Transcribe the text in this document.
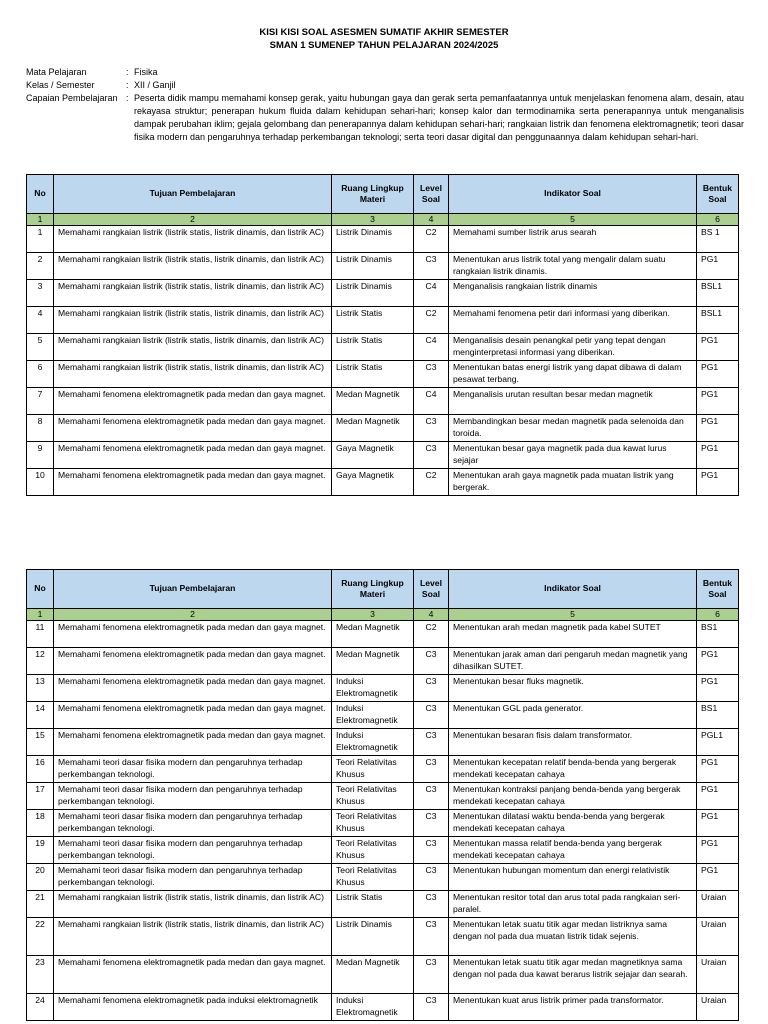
KISI KISI SOAL ASESMEN SUMATIF AKHIR SEMESTER
SMAN 1 SUMENEP TAHUN PELAJARAN 2024/2025
Mata Pelajaran	: Fisika
Kelas / Semester	: XII / Ganjil
Capaian Pembelajaran : Peserta didik mampu memahami konsep gerak, yaitu hubungan gaya dan gerak serta pemanfaatannya untuk menjelaskan fenomena alam, desain, atau rekayasa struktur; penerapan hukum fluida dalam kehidupan sehari-hari; konsep kalor dan termodinamika serta penerapannya untuk menganalisis dampak perubahan iklim; gejala gelombang dan penerapannya dalam kehidupan sehari-hari; rangkaian listrik dan fenomena elektromagnetik; teori dasar fisika modern dan pengaruhnya terhadap perkembangan teknologi; serta teori dasar digital dan penggunaannya dalam kehidupan sehari-hari.
No	Tujuan Pembelajaran	Ruang Lingkup Materi	Level Soal	Indikator Soal	Bentuk Soal
1	2	3	4	5	6
1	Memahami rangkaian listrik (listrik statis, listrik dinamis, dan listrik AC)	Listrik Dinamis	C2	Memahami sumber listrik arus searah	BS 1
2	Memahami rangkaian listrik (listrik statis, listrik dinamis, dan listrik AC)	Listrik Dinamis	C3	Menentukan arus listrik total yang mengalir dalam suatu rangkaian listrik dinamis.	PG1
3	Memahami rangkaian listrik (listrik statis, listrik dinamis, dan listrik AC)	Listrik Dinamis	C4	Menganalisis rangkaian listrik dinamis	BSL1
4	Memahami rangkaian listrik (listrik statis, listrik dinamis, dan listrik AC)	Listrik Statis	C2	Memahami fenomena petir dari informasi yang diberikan.	BSL1
5	Memahami rangkaian listrik (listrik statis, listrik dinamis, dan listrik AC)	Listrik Statis	C4	Menganalisis desain penangkal petir yang tepat dengan menginterpretasi informasi yang diberikan.	PG1
6	Memahami rangkaian listrik (listrik statis, listrik dinamis, dan listrik AC)	Listrik Statis	C3	Menentukan batas energi listrik yang dapat dibawa di dalam pesawat terbang.	PG1
7	Memahami fenomena elektromagnetik pada medan dan gaya magnet.	Medan Magnetik	C4	Menganalisis urutan resultan besar medan magnetik	PG1
8	Memahami fenomena elektromagnetik pada medan dan gaya magnet.	Medan Magnetik	C3	Membandingkan besar medan magnetik pada selenoida dan toroida.	PG1
9	Memahami fenomena elektromagnetik pada medan dan gaya magnet.	Gaya Magnetik	C3	Menentukan besar gaya magnetik pada dua kawat lurus sejajar	PG1
10	Memahami fenomena elektromagnetik pada medan dan gaya magnet.	Gaya Magnetik	C2	Menentukan arah gaya magnetik pada muatan listrik yang bergerak.	PG1
No	Tujuan Pembelajaran	Ruang Lingkup Materi	Level Soal	Indikator Soal	Bentuk Soal
1	2	3	4	5	6
11	Memahami fenomena elektromagnetik pada medan dan gaya magnet.	Medan Magnetik	C2	Menentukan arah medan magnetik pada kabel SUTET	BS1
12	Memahami fenomena elektromagnetik pada medan dan gaya magnet.	Medan Magnetik	C3	Menentukan jarak aman dari pengaruh medan magnetik yang dihasilkan SUTET.	PG1
13	Memahami fenomena elektromagnetik pada medan dan gaya magnet.	Induksi Elektromagnetik	C3	Menentukan besar fluks magnetik.	PG1
14	Memahami fenomena elektromagnetik pada medan dan gaya magnet.	Induksi Elektromagnetik	C3	Menentukan GGL pada generator.	BS1
15	Memahami fenomena elektromagnetik pada medan dan gaya magnet.	Induksi Elektromagnetik	C3	Menentukan besaran fisis dalam transformator.	PGL1
16	Memahami teori dasar fisika modern dan pengaruhnya terhadap perkembangan teknologi.	Teori Relativitas Khusus	C3	Menentukan kecepatan relatif benda-benda yang bergerak mendekati kecepatan cahaya	PG1
17	Memahami teori dasar fisika modern dan pengaruhnya terhadap perkembangan teknologi.	Teori Relativitas Khusus	C3	Menentukan kontraksi panjang benda-benda yang bergerak mendekati kecepatan cahaya	PG1
18	Memahami teori dasar fisika modern dan pengaruhnya terhadap perkembangan teknologi.	Teori Relativitas Khusus	C3	Menentukan dilatasi waktu benda-benda yang bergerak mendekati kecepatan cahaya	PG1
19	Memahami teori dasar fisika modern dan pengaruhnya terhadap perkembangan teknologi.	Teori Relativitas Khusus	C3	Menentukan massa relatif benda-benda yang bergerak mendekati kecepatan cahaya	PG1
20	Memahami teori dasar fisika modern dan pengaruhnya terhadap perkembangan teknologi.	Teori Relativitas Khusus	C3	Menentukan hubungan momentum dan energi relativistik	PG1
21	Memahami rangkaian listrik (listrik statis, listrik dinamis, dan listrik AC)	Listrik Statis	C3	Menentukan resitor total dan arus total pada rangkaian seri-paralel.	Uraian
22	Memahami rangkaian listrik (listrik statis, listrik dinamis, dan listrik AC)	Listrik Dinamis	C3	Menentukan letak suatu titik agar medan listriknya sama dengan nol pada dua muatan listrik tidak sejenis.	Uraian
23	Memahami fenomena elektromagnetik pada medan dan gaya magnet.	Medan Magnetik	C3	Menentukan letak suatu titik agar medan magnetiknya sama dengan nol pada dua kawat berarus listrik sejajar dan searah.	Uraian
24	Memahami fenomena elektromagnetik pada induksi elektromagnetik	Induksi Elektromagnetik	C3	Menentukan kuat arus listrik primer pada transformator.	Uraian
